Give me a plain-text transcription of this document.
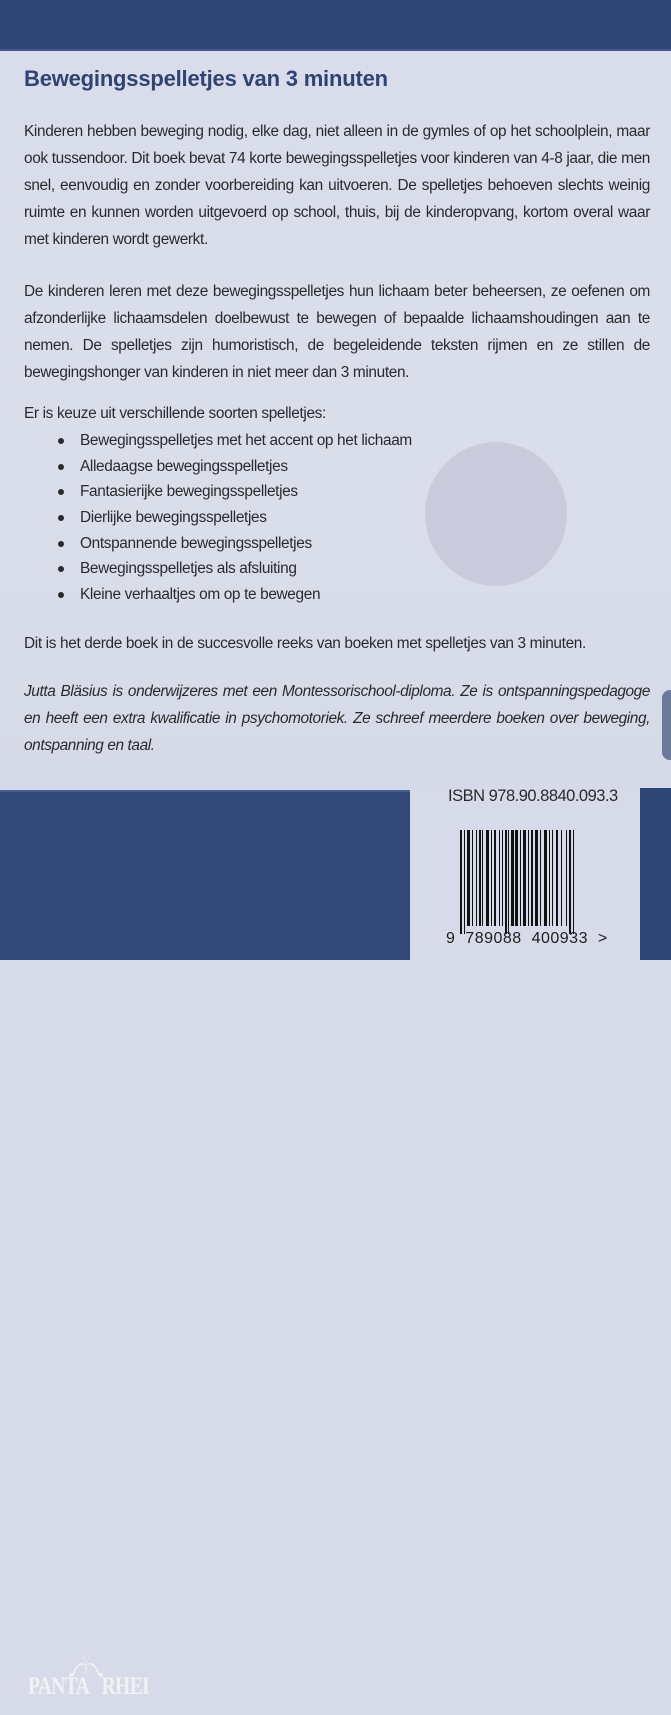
Bewegingsspelletjes van 3 minuten

Kinderen hebben beweging nodig, elke dag, niet alleen in de gymles of op het schoolplein, maar ook tussendoor. Dit boek bevat 74 korte bewegingsspelletjes voor kinderen van 4-8 jaar, die men snel, eenvoudig en zonder voorbereiding kan uitvoeren. De spelletjes behoeven slechts weinig ruimte en kunnen worden uitgevoerd op school, thuis, bij de kinderopvang, kortom overal waar met kinderen wordt gewerkt.

De kinderen leren met deze bewegingsspelletjes hun lichaam beter beheersen, ze oefenen om afzonderlijke lichaamsdelen doelbewust te bewegen of bepaalde lichaamshoudingen aan te nemen. De spelletjes zijn humoristisch, de begeleidende teksten rijmen en ze stillen de bewegingshonger van kinderen in niet meer dan 3 minuten.

Er is keuze uit verschillende soorten spelletjes:

Bewegingsspelletjes met het accent op het lichaam
Alledaagse bewegingsspelletjes
Fantasierijke bewegingsspelletjes
Dierlijke bewegingsspelletjes
Ontspannende bewegingsspelletjes
Bewegingsspelletjes als afsluiting
Kleine verhaaltjes om op te bewegen

Dit is het derde boek in de succesvolle reeks van boeken met spelletjes van 3 minuten.

Jutta Bläsius is onderwijzeres met een Montessorischool-diploma. Ze is ontspanningspedagoge en heeft een extra kwalificatie in psychomotoriek. Ze schreef meerdere boeken over beweging, ontspanning en taal.

PANTA RHEI
UITGEVERIJ
ISBN 978.90.8840.093.3
9  789088  400933  >
